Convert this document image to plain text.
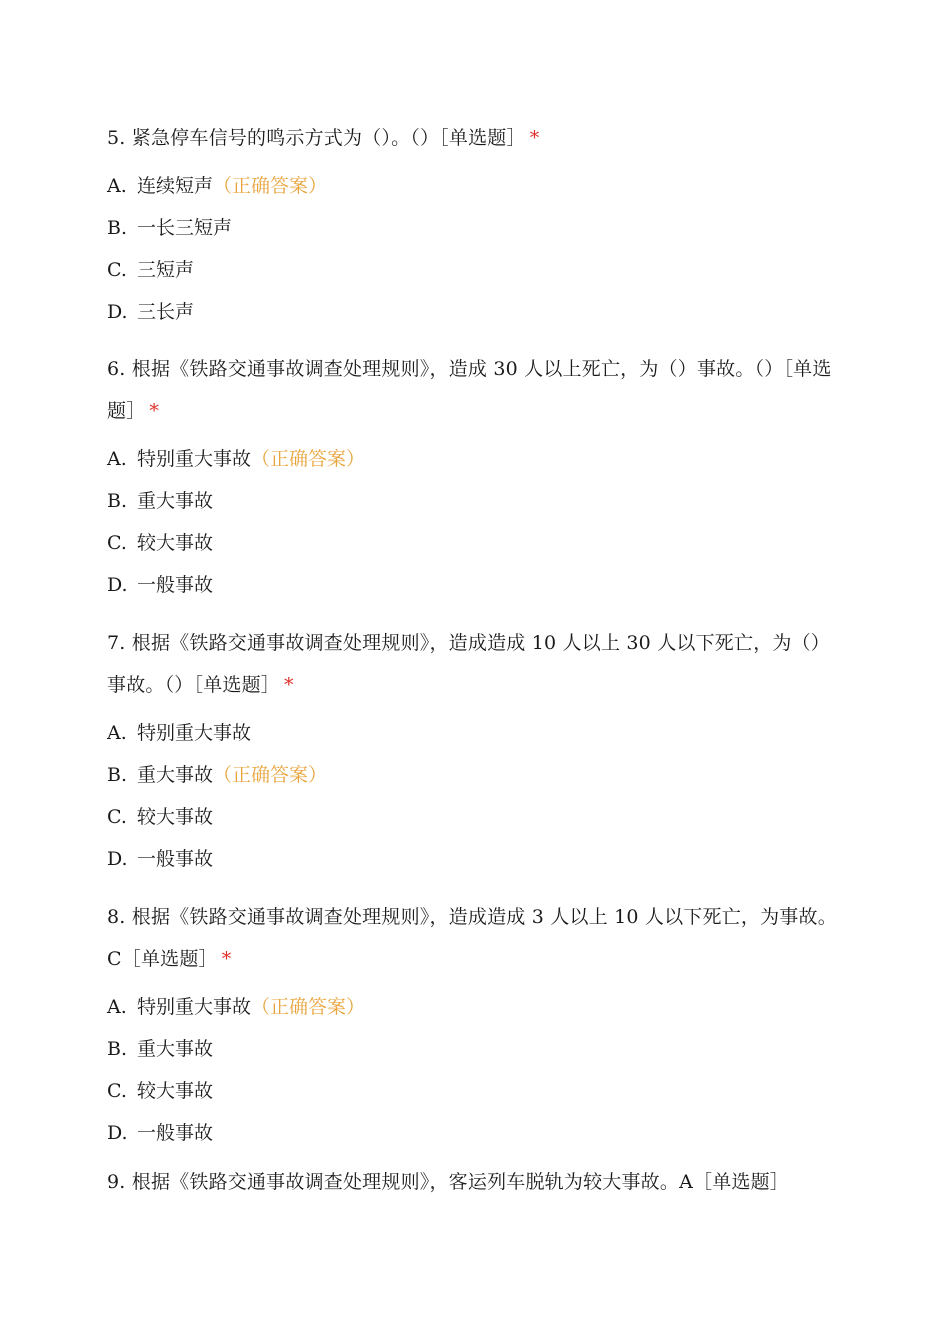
5. 紧急停车信号的鸣示方式为（）。（）［单选题］ *

A. 连续短声（正确答案）
B. 一长三短声
C. 三短声
D. 三长声

6. 根据《铁路交通事故调查处理规则》，造成 30 人以上死亡，为（）事故。（）［单选题］ *

A. 特别重大事故（正确答案）
B. 重大事故
C. 较大事故
D. 一般事故

7. 根据《铁路交通事故调查处理规则》，造成造成 10 人以上 30 人以下死亡，为（）事故。（）［单选题］ *

A. 特别重大事故
B. 重大事故（正确答案）
C. 较大事故
D. 一般事故

8. 根据《铁路交通事故调查处理规则》，造成造成 3 人以上 10 人以下死亡，为事故。C［单选题］ *

A. 特别重大事故（正确答案）
B. 重大事故
C. 较大事故
D. 一般事故

9. 根据《铁路交通事故调查处理规则》，客运列车脱轨为较大事故。A［单选题］
